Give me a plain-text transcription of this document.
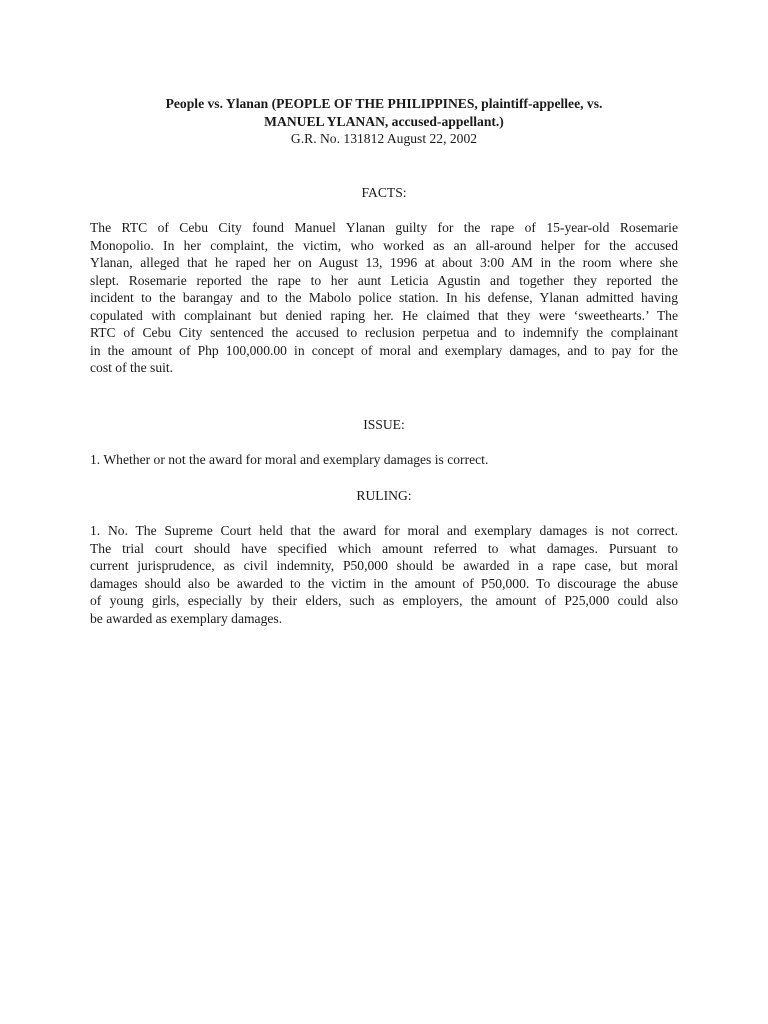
People vs. Ylanan (PEOPLE OF THE PHILIPPINES, plaintiff-appellee, vs.
MANUEL YLANAN, accused-appellant.)
G.R. No. 131812 August 22, 2002
FACTS:
The RTC of Cebu City found Manuel Ylanan guilty for the rape of 15-year-old Rosemarie
Monopolio. In her complaint, the victim, who worked as an all-around helper for the accused
Ylanan, alleged that he raped her on August 13, 1996 at about 3:00 AM in the room where she
slept. Rosemarie reported the rape to her aunt Leticia Agustin and together they reported the
incident to the barangay and to the Mabolo police station. In his defense, Ylanan admitted having
copulated with complainant but denied raping her. He claimed that they were ‘sweethearts.’ The
RTC of Cebu City sentenced the accused to reclusion perpetua and to indemnify the complainant
in the amount of Php 100,000.00 in concept of moral and exemplary damages, and to pay for the
cost of the suit.
ISSUE:
1. Whether or not the award for moral and exemplary damages is correct.
RULING:
1. No. The Supreme Court held that the award for moral and exemplary damages is not correct.
The trial court should have specified which amount referred to what damages. Pursuant to
current jurisprudence, as civil indemnity, P50,000 should be awarded in a rape case, but moral
damages should also be awarded to the victim in the amount of P50,000. To discourage the abuse
of young girls, especially by their elders, such as employers, the amount of P25,000 could also
be awarded as exemplary damages.
